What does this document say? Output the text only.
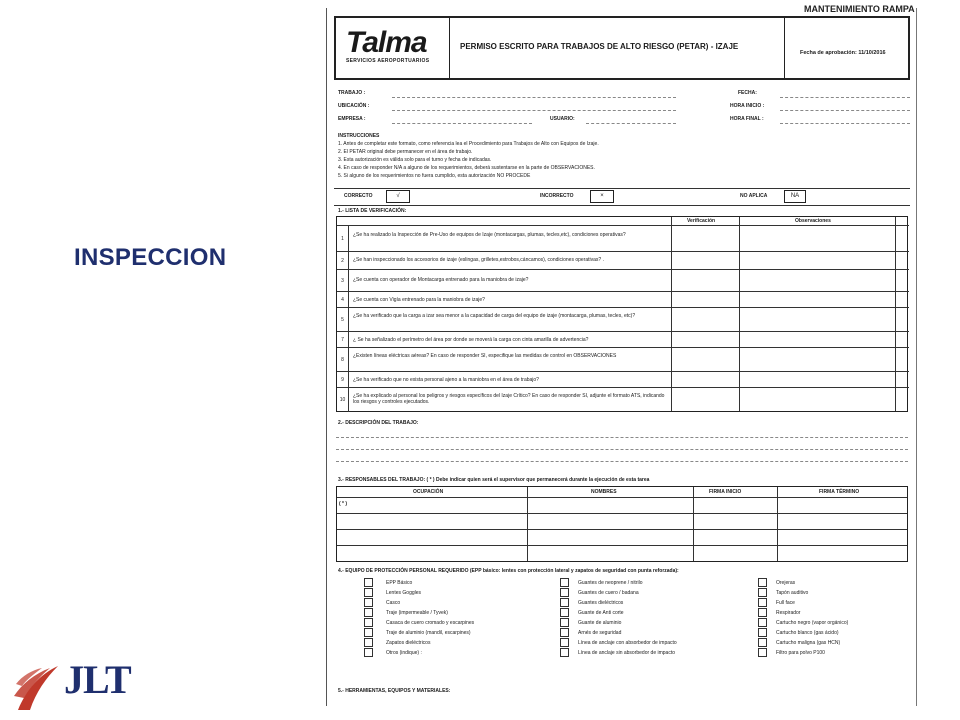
INSPECCION
JLT
MANTENIMIENTO RAMPA
Talma
SERVICIOS AEROPORTUARIOS
PERMISO ESCRITO PARA TRABAJOS DE ALTO RIESGO (PETAR) - IZAJE
Fecha de aprobación: 11/10/2016
TRABAJO :
UBICACIÓN :
EMPRESA :	USUARIO:
FECHA:
HORA INICIO :
HORA FINAL :
INSTRUCCIONES
1. Antes de completar este formato, como referencia lea el Procedimiento para Trabajos de Alto con Equipos de Izaje.
2. El PETAR original debe permanecer en el área de trabajo.
3. Esta autorización es válida solo para el turno y fecha de indicadas.
4. En caso de responder N/A a alguno de los requerimientos, deberá sustentarse en la parte de OBSERVACIONES.
5. Si alguno de los requerimientos no fuera cumplido, esta autorización NO PROCEDE
CORRECTO	√	INCORRECTO	×	NO APLICA	NA
1.- LISTA DE VERIFICACIÓN:
Verificación	Observaciones
1
¿Se ha realizado la Inspección de Pre-Uso de equipos de Izaje (montacargas, plumas, tecles,etc), condiciones operativas?
2	¿Se han inspeccionado los accesorios de izaje (eslingas, grilletes,estrobos,cáncamos), condiciones operativas? .
3	¿Se cuenta con operador de Montacarga entrenado para la maniobra de izaje?
4	¿Se cuenta con Vigía entrenado para la maniobra de izaje?
5
¿Se ha verificado que la carga a izar sea menor a la capacidad de carga del equipo de izaje (montacarga, plumas, tecles, etc)?
7	¿ Se ha señalizado el perímetro del área por donde se moverá la carga con cinta amarilla de advertencia?
8
¿Existen líneas eléctricas aéreas? En caso de responder SI, especifique las medidas de control en OBSERVACIONES
9	¿Se ha verificado que no exista personal ajeno a la maniobra en el área de trabajo?
10
¿Se ha explicado al personal los peligros y riesgos específicos del Izaje Crítico? En caso de responder SI, adjunte el formato ATS, indicando los riesgos y controles ejecutados.
2.- DESCRIPCIÓN DEL TRABAJO:
3.- RESPONSABLES DEL TRABAJO: ( * ) Debe indicar quien será el supervisor que permanecerá durante la ejecución de esta tarea
OCUPACIÓN	NOMBRES	FIRMA INICIO	FIRMA TÉRMINO
( * )
4.- EQUIPO DE PROTECCIÓN PERSONAL REQUERIDO (EPP básico: lentes con protección lateral y zapatos de seguridad con punta reforzada):
EPP Básico
Lentes Goggles
Casco
Traje (impermeable / Tyvek)
Casaca de cuero cromado y escarpines
Traje de aluminio (mandil, escarpines)
Zapatos dieléctricos
Otros (indique) :
Guantes de neoprene / nitrilo
Guantes de cuero / badana
Guantes dieléctricos
Guante de Anti corte
Guante de aluminio
Arnés de seguridad
Línea de anclaje con absorbedor de impacto
Línea de anclaje sin absorbedor de impacto
Orejeras
Tapón auditivo
Full face
Respirador
Cartucho negro (vapor orgánico)
Cartucho blanco (gas ácido)
Cartucho maligna (gas HCN)
Filtro para polvo P100
5.- HERRAMIENTAS, EQUIPOS Y MATERIALES:
